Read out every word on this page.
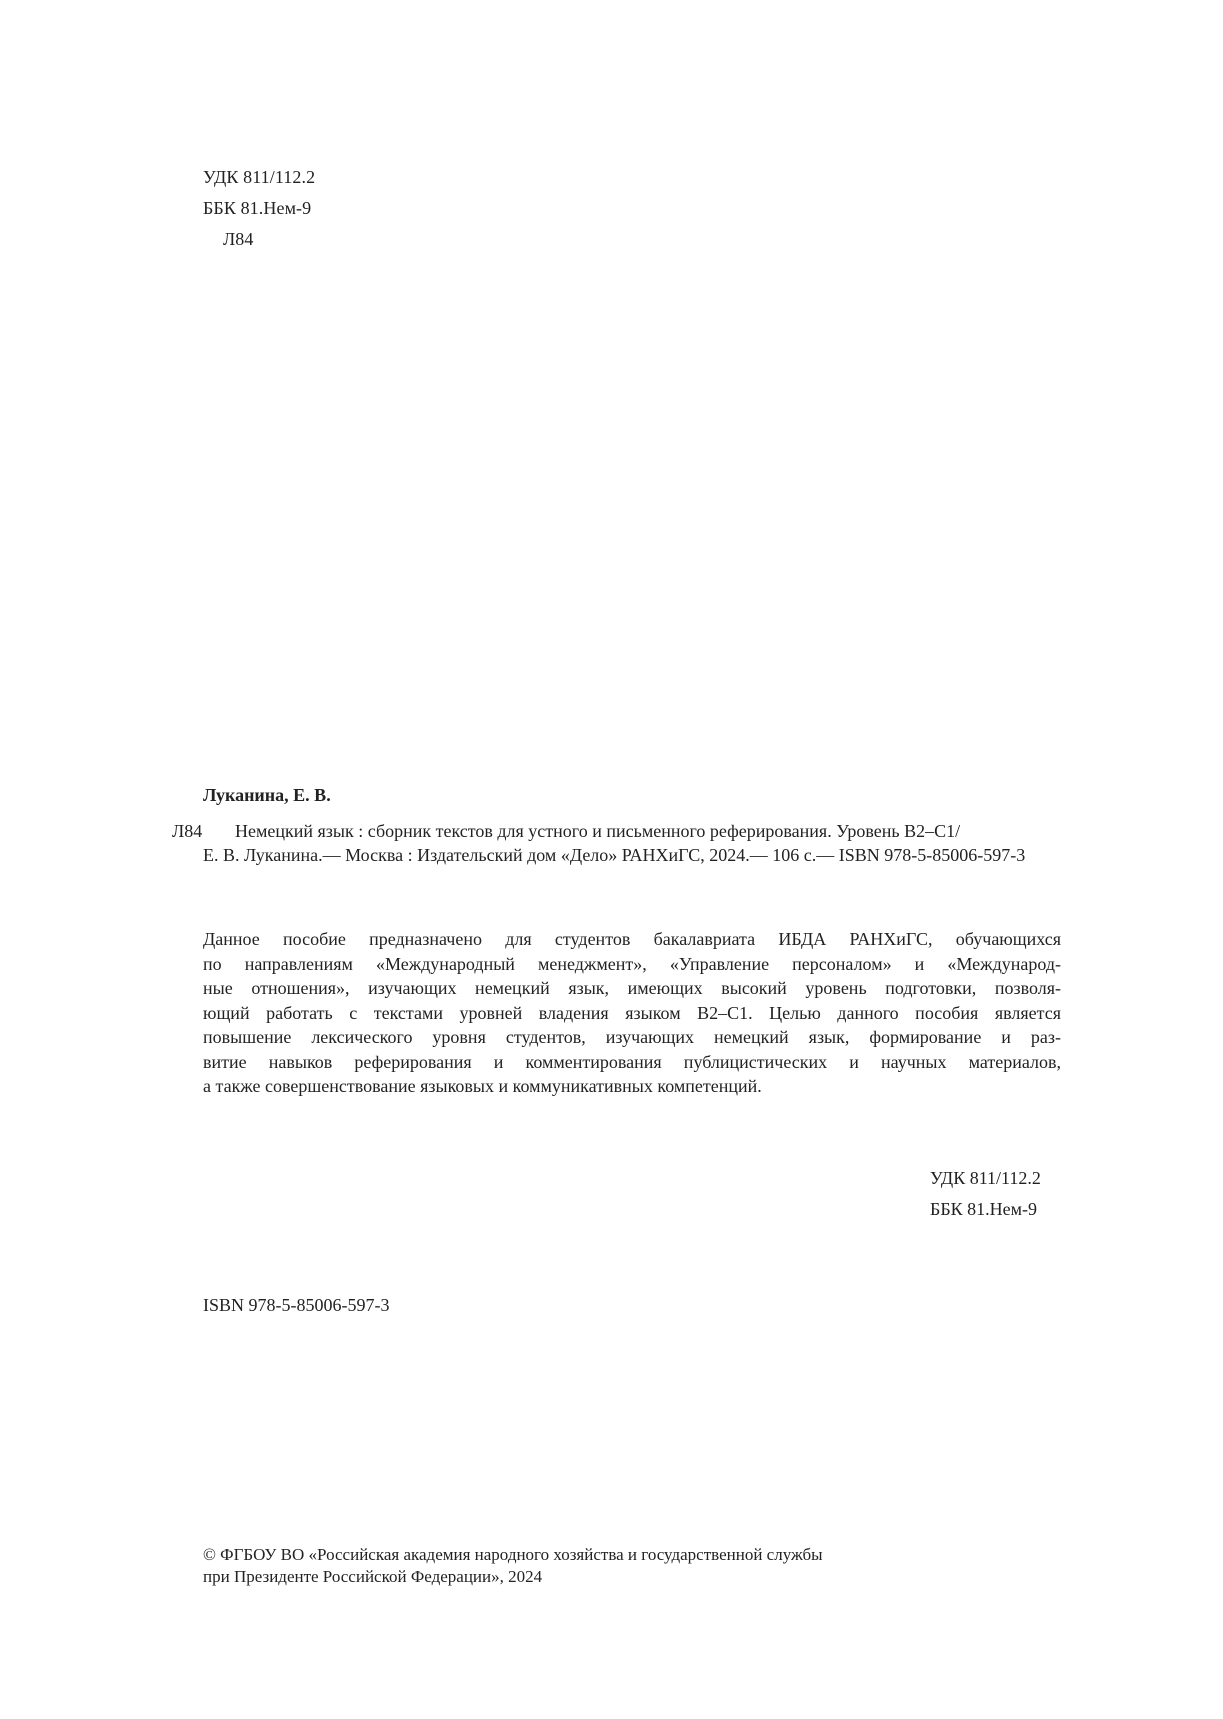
УДК 811/112.2
ББК 81.Нем-9
Л84
Луканина, Е. В.
Л84	Немецкий язык : сборник текстов для устного и письменного реферирования. Уровень B2–C1/
Е. В. Луканина.— Москва : Издательский дом «Дело» РАНХиГС, 2024.— 106 с.— ISBN 978-5-85006-597-3
Данное пособие предназначено для студентов бакалавриата ИБДА РАНХиГС, обучающихся
по направлениям «Международный менеджмент», «Управление персоналом» и «Международ-
ные отношения», изучающих немецкий язык, имеющих высокий уровень подготовки, позволя-
ющий работать с текстами уровней владения языком B2–C1. Целью данного пособия является
повышение лексического уровня студентов, изучающих немецкий язык, формирование и раз-
витие навыков реферирования и комментирования публицистических и научных материалов,
а также совершенствование языковых и коммуникативных компетенций.
УДК 811/112.2
ББК 81.Нем-9
ISBN 978-5-85006-597-3
© ФГБОУ ВО «Российская академия народного хозяйства и государственной службы
при Президенте Российской Федерации», 2024
